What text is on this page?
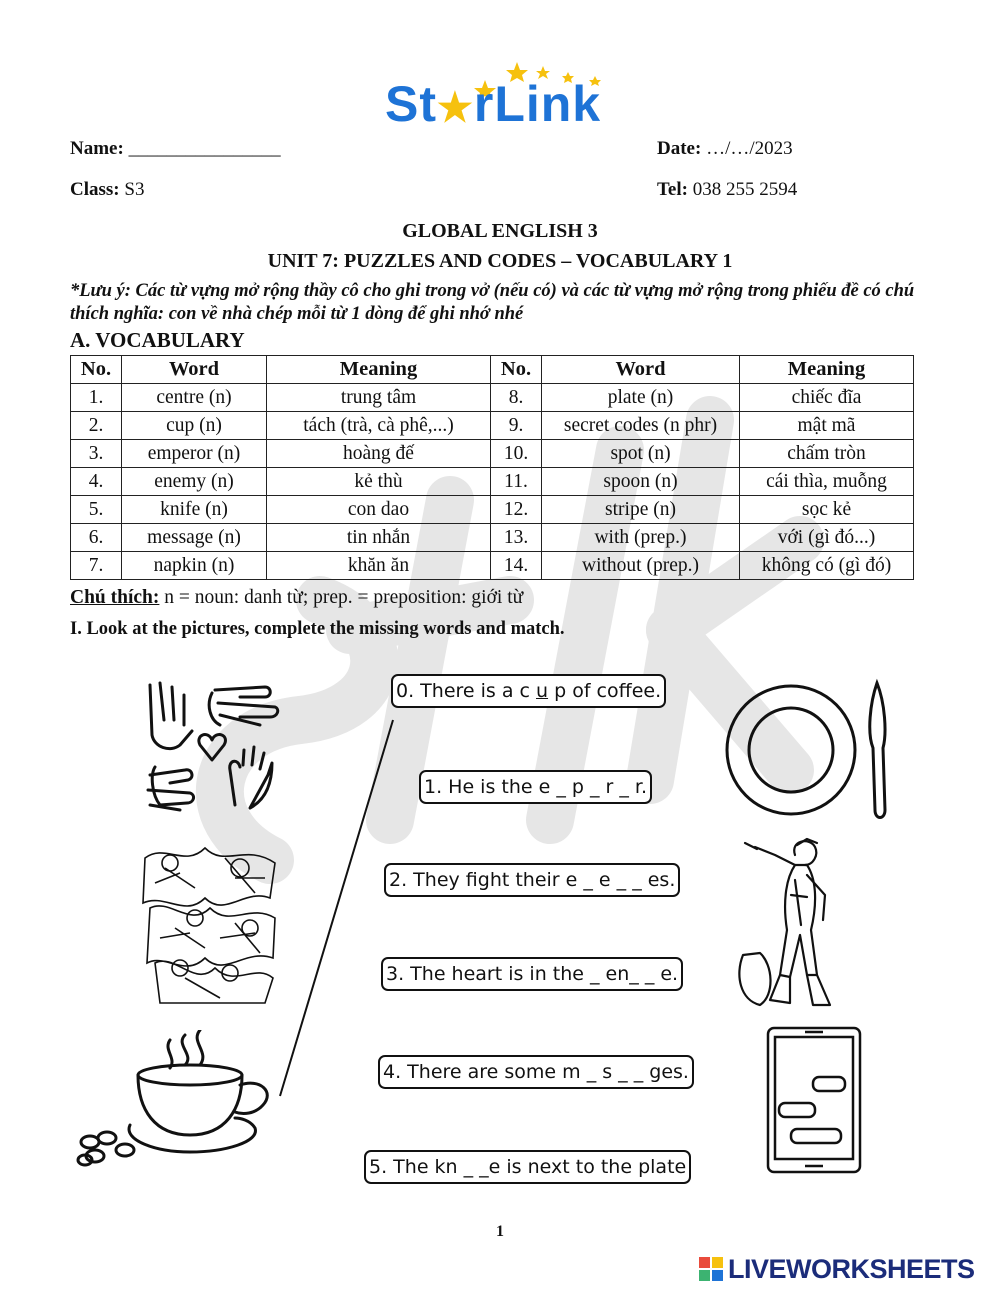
St★rLink
Name: ________________	Date: …/…/2023
Class: S3	Tel: 038 255 2594
GLOBAL ENGLISH 3
UNIT 7: PUZZLES AND CODES – VOCABULARY 1
*Lưu ý: Các từ vựng mở rộng thầy cô cho ghi trong vở (nếu có) và các từ vựng mở rộng trong phiếu đề có chú thích nghĩa: con về nhà chép mỗi từ 1 dòng để ghi nhớ nhé
A. VOCABULARY
No.	Word	Meaning	No.	Word	Meaning
1.	centre (n)	trung tâm	8.	plate (n)	chiếc đĩa
2.	cup (n)	tách (trà, cà phê,...)	9.	secret codes (n phr)	mật mã
3.	emperor (n)	hoàng đế	10.	spot (n)	chấm tròn
4.	enemy (n)	kẻ thù	11.	spoon (n)	cái thìa, muỗng
5.	knife (n)	con dao	12.	stripe (n)	sọc kẻ
6.	message (n)	tin nhắn	13.	with (prep.)	với (gì đó...)
7.	napkin (n)	khăn ăn	14.	without (prep.)	không có (gì đó)
Chú thích: n = noun: danh từ; prep. = preposition: giới từ
I. Look at the pictures, complete the missing words and match.
0. There is a c u p of coffee.
1. He is the e _ p _ r _ r.
2. They fight their e _ e _ _ es.
3. The heart is in the _ en_ _ e.
4. There are some m _ s _ _ ges.
5. The kn _ _e is next to the plate
1
LIVEWORKSHEETS
